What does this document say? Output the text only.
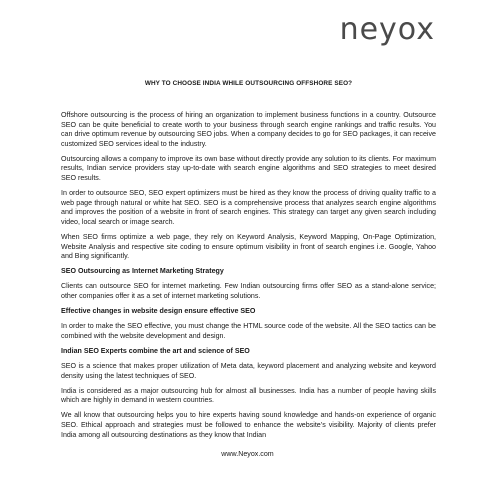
neyox
WHY TO CHOOSE INDIA WHILE OUTSOURCING OFFSHORE SEO?

Offshore outsourcing is the process of hiring an organization to implement business functions in a country. Outsource SEO can be quite beneficial to create worth to your business through search engine rankings and traffic results. You can drive optimum revenue by outsourcing SEO jobs. When a company decides to go for SEO packages, it can receive customized SEO services ideal to the industry.

Outsourcing allows a company to improve its own base without directly provide any solution to its clients. For maximum results, Indian service providers stay up-to-date with search engine algorithms and SEO strategies to meet desired SEO results.

In order to outsource SEO, SEO expert optimizers must be hired as they know the process of driving quality traffic to a web page through natural or white hat SEO. SEO is a comprehensive process that analyzes search engine algorithms and improves the position of a website in front of search engines. This strategy can target any given search including video, local search or image search.

When SEO firms optimize a web page, they rely on Keyword Analysis, Keyword Mapping, On-Page Optimization, Website Analysis and respective site coding to ensure optimum visibility in front of search engines i.e. Google, Yahoo and Bing significantly.

SEO Outsourcing as Internet Marketing Strategy

Clients can outsource SEO for internet marketing. Few Indian outsourcing firms offer SEO as a stand-alone service; other companies offer it as a set of internet marketing solutions.

Effective changes in website design ensure effective SEO

In order to make the SEO effective, you must change the HTML source code of the website. All the SEO tactics can be combined with the website development and design.

Indian SEO Experts combine the art and science of SEO

SEO is a science that makes proper utilization of Meta data, keyword placement and analyzing website and keyword density using the latest techniques of SEO.

India is considered as a major outsourcing hub for almost all businesses. India has a number of people having skills which are highly in demand in western countries.

We all know that outsourcing helps you to hire experts having sound knowledge and hands-on experience of organic SEO. Ethical approach and strategies must be followed to enhance the website’s visibility. Majority of clients prefer India among all outsourcing destinations as they know that Indian

www.Neyox.com
